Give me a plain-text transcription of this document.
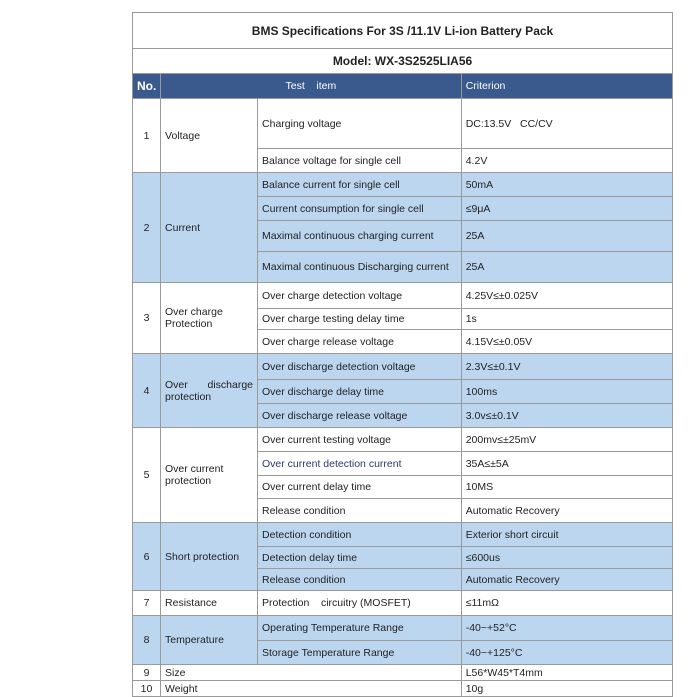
BMS Specifications For 3S /11.1V Li-ion Battery Pack			
Model: WX-3S2525LIA56			
No.	Test    item		Criterion
1	Voltage	Charging voltage	DC:13.5V   CC/CV
		Balance voltage for single cell	4.2V
2	Current	Balance current for single cell	50mA
		Current consumption for single cell	≤9μA
		Maximal continuous charging current	25A
		Maximal continuous Discharging current	25A
3	Over charge Protection	Over charge detection voltage	4.25V≤±0.025V
		Over charge testing delay time	1s
		Over charge release voltage	4.15V≤±0.05V
4	Over discharge protection	Over discharge detection voltage	2.3V≤±0.1V
		Over discharge delay time	100ms
		Over discharge release voltage	3.0v≤±0.1V
5	Over current protection	Over current testing voltage	200mv≤±25mV
		Over current detection current	35A≤±5A
		Over current delay time	10MS
		Release condition	Automatic Recovery
6	Short protection	Detection condition	Exterior short circuit
		Detection delay time	≤600us
		Release condition	Automatic Recovery
7	Resistance	Protection    circuitry (MOSFET)	≤11mΩ
8	Temperature	Operating Temperature Range	-40~+52°C
		Storage Temperature Range	-40~+125°C
9	Size		L56*W45*T4mm
10	Weight		10g
